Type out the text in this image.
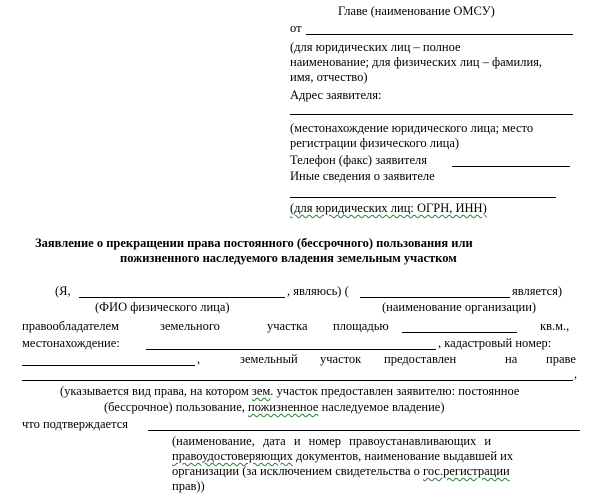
Главе (наименование ОМСУ)
от
(для юридических лиц – полное
наименование; для физических лиц – фамилия,
имя, отчество)
Адрес заявителя:
(местонахождение юридического лица; место
регистрации физического лица)
Телефон (факс) заявителя
Иные сведения о заявителе
(для юридических лиц: ОГРН, ИНН)
Заявление о прекращении права постоянного (бессрочного) пользования или
пожизненного наследуемого владения земельным участком
(Я,	, являюсь) (	является)
(ФИО физического лица)	(наименование организации)
правообладателем	земельного	участка площадью	кв.м.,
местонахождение:	, кадастровый номер:
,	земельный участок предоставлен	на праве
,
(указывается вид права, на котором зем. участок предоставлен заявителю: постоянное
(бессрочное) пользование, пожизненное наследуемое владение)
что подтверждается
(наименование, дата и номер правоустанавливающих и
правоудостоверяющих документов, наименование выдавшей их
организации (за исключением свидетельства о гос.регистрации
прав))
